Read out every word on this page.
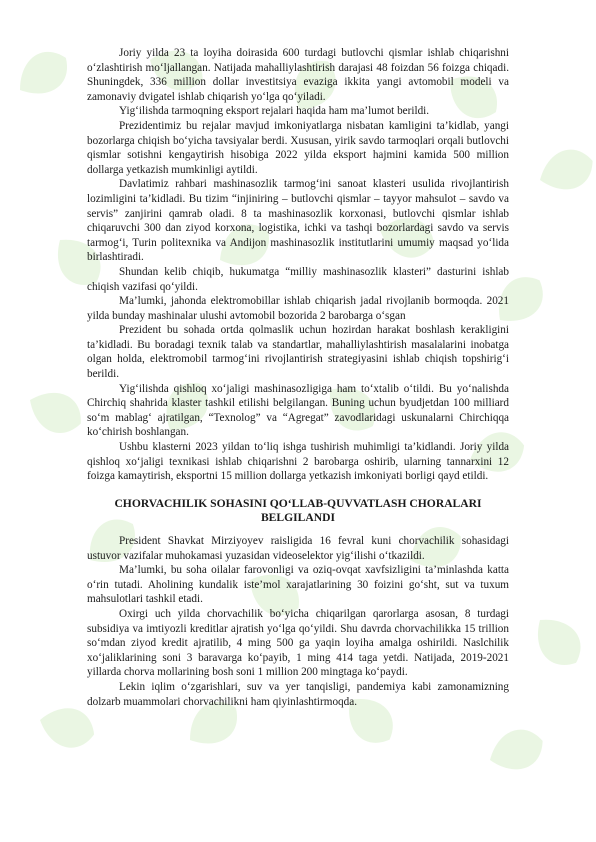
Joriy yilda 23 ta loyiha doirasida 600 turdagi butlovchi qismlar ishlab chiqarishni o‘zlashtirish mo‘ljallangan. Natijada mahalliylashtirish darajasi 48 foizdan 56 foizga chiqadi. Shuningdek, 336 million dollar investitsiya evaziga ikkita yangi avtomobil modeli va zamonaviy dvigatel ishlab chiqarish yo‘lga qo‘yiladi.

Yig‘ilishda tarmoqning eksport rejalari haqida ham ma’lumot berildi.

Prezidentimiz bu rejalar mavjud imkoniyatlarga nisbatan kamligini ta’kidlab, yangi bozorlarga chiqish bo‘yicha tavsiyalar berdi. Xususan, yirik savdo tarmoqlari orqali butlovchi qismlar sotishni kengaytirish hisobiga 2022 yilda eksport hajmini kamida 500 million dollarga yetkazish mumkinligi aytildi.

Davlatimiz rahbari mashinasozlik tarmog‘ini sanoat klasteri usulida rivojlantirish lozimligini ta’kidladi. Bu tizim “injiniring – butlovchi qismlar – tayyor mahsulot – savdo va servis” zanjirini qamrab oladi. 8 ta mashinasozlik korxonasi, butlovchi qismlar ishlab chiqaruvchi 300 dan ziyod korxona, logistika, ichki va tashqi bozorlardagi savdo va servis tarmog‘i, Turin politexnika va Andijon mashinasozlik institutlarini umumiy maqsad yo‘lida birlashtiradi.

Shundan kelib chiqib, hukumatga “milliy mashinasozlik klasteri” dasturini ishlab chiqish vazifasi qo‘yildi.

Ma’lumki, jahonda elektromobillar ishlab chiqarish jadal rivojlanib bormoqda. 2021 yilda bunday mashinalar ulushi avtomobil bozorida 2 barobarga o‘sgan

Prezident bu sohada ortda qolmaslik uchun hozirdan harakat boshlash kerakligini ta’kidladi. Bu boradagi texnik talab va standartlar, mahalliylashtirish masalalarini inobatga olgan holda, elektromobil tarmog‘ini rivojlantirish strategiyasini ishlab chiqish topshirig‘i berildi.

Yig‘ilishda qishloq xo‘jaligi mashinasozligiga ham to‘xtalib o‘tildi. Bu yo‘nalishda Chirchiq shahrida klaster tashkil etilishi belgilangan. Buning uchun byudjetdan 100 milliard so‘m mablag‘ ajratilgan, “Texnolog” va “Agregat” zavodlaridagi uskunalarni Chirchiqqa ko‘chirish boshlangan.

Ushbu klasterni 2023 yildan to‘liq ishga tushirish muhimligi ta’kidlandi. Joriy yilda qishloq xo‘jaligi texnikasi ishlab chiqarishni 2 barobarga oshirib, ularning tannarxini 12 foizga kamaytirish, eksportni 15 million dollarga yetkazish imkoniyati borligi qayd etildi.

CHORVACHILIK SOHASINI QO‘LLAB-QUVVATLASH CHORALARI BELGILANDI

President Shavkat Mirziyoyev raisligida 16 fevral kuni chorvachilik sohasidagi ustuvor vazifalar muhokamasi yuzasidan videoselektor yig‘ilishi o‘tkazildi.

Ma’lumki, bu soha oilalar farovonligi va oziq-ovqat xavfsizligini ta’minlashda katta o‘rin tutadi. Aholining kundalik iste’mol xarajatlarining 30 foizini go‘sht, sut va tuxum mahsulotlari tashkil etadi.

Oxirgi uch yilda chorvachilik bo‘yicha chiqarilgan qarorlarga asosan, 8 turdagi subsidiya va imtiyozli kreditlar ajratish yo‘lga qo‘yildi. Shu davrda chorvachilikka 15 trillion so‘mdan ziyod kredit ajratilib, 4 ming 500 ga yaqin loyiha amalga oshirildi. Naslchilik xo‘jaliklarining soni 3 baravarga ko‘payib, 1 ming 414 taga yetdi. Natijada, 2019-2021 yillarda chorva mollarining bosh soni 1 million 200 mingtaga ko‘paydi.

Lekin iqlim o‘zgarishlari, suv va yer tanqisligi, pandemiya kabi zamonamizning dolzarb muammolari chorvachilikni ham qiyinlashtirmoqda.
